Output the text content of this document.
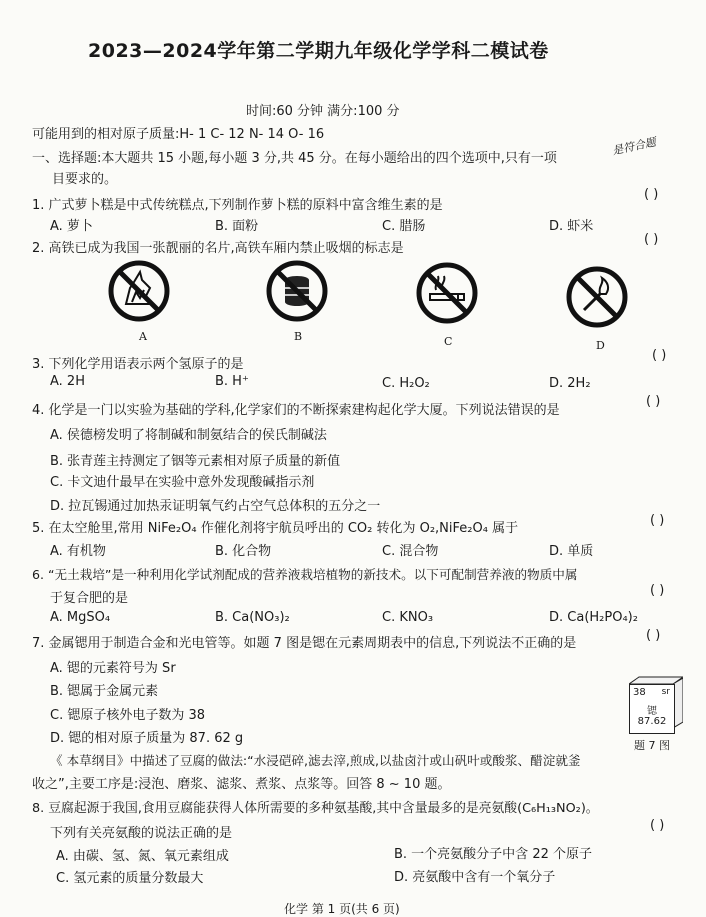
2023—2024学年第二学期九年级化学学科二模试卷
时间:60 分钟 满分:100 分
可能用到的相对原子质量:H- 1 C- 12 N- 14 O- 16
一、选择题:本大题共 15 小题,每小题 3 分,共 45 分。在每小题给出的四个选项中,只有一项
是符合题
目要求的。
1. 广式萝卜糕是中式传统糕点,下列制作萝卜糕的原料中富含维生素的是
( )
A. 萝卜	B. 面粉	C. 腊肠	D. 虾米
2. 高铁已成为我国一张靓丽的名片,高铁车厢内禁止吸烟的标志是
( )
A	B	C	D
3. 下列化学用语表示两个氢原子的是
( )
A. 2H	B. H⁺	C. H₂O₂	D. 2H₂
4. 化学是一门以实验为基础的学科,化学家们的不断探索建构起化学大厦。下列说法错误的是
( )
A. 侯德榜发明了将制碱和制氨结合的侯氏制碱法
B. 张青莲主持测定了铟等元素相对原子质量的新值
C. 卡文迪什最早在实验中意外发现酸碱指示剂
D. 拉瓦锡通过加热汞证明氧气约占空气总体积的五分之一
5. 在太空舱里,常用 NiFe₂O₄ 作催化剂将宇航员呼出的 CO₂ 转化为 O₂,NiFe₂O₄ 属于
( )
A. 有机物	B. 化合物	C. 混合物	D. 单质
6. “无土栽培”是一种利用化学试剂配成的营养液栽培植物的新技术。以下可配制营养液的物质中属
于复合肥的是
( )
A. MgSO₄	B. Ca(NO₃)₂	C. KNO₃	D. Ca(H₂PO₄)₂
7. 金属锶用于制造合金和光电管等。如题 7 图是锶在元素周期表中的信息,下列说法不正确的是
( )
A. 锶的元素符号为 Sr
B. 锶属于金属元素
C. 锶原子核外电子数为 38
D. 锶的相对原子质量为 87. 62 g
38 sr
锶
87.62
题 7 图
《 本草纲目》中描述了豆腐的做法:“水浸硙碎,滤去滓,煎成,以盐卤汁或山矾叶或酸浆、醋淀就釜
收之”,主要工序是:浸泡、磨浆、滤浆、煮浆、点浆等。回答 8 ~ 10 题。
8. 豆腐起源于我国,食用豆腐能获得人体所需要的多种氨基酸,其中含量最多的是亮氨酸(C₆H₁₃NO₂)。
下列有关亮氨酸的说法正确的是
( )
A. 由碳、氢、氮、氧元素组成	B. 一个亮氨酸分子中含 22 个原子
C. 氢元素的质量分数最大	D. 亮氨酸中含有一个氧分子
化学 第 1 页(共 6 页)
